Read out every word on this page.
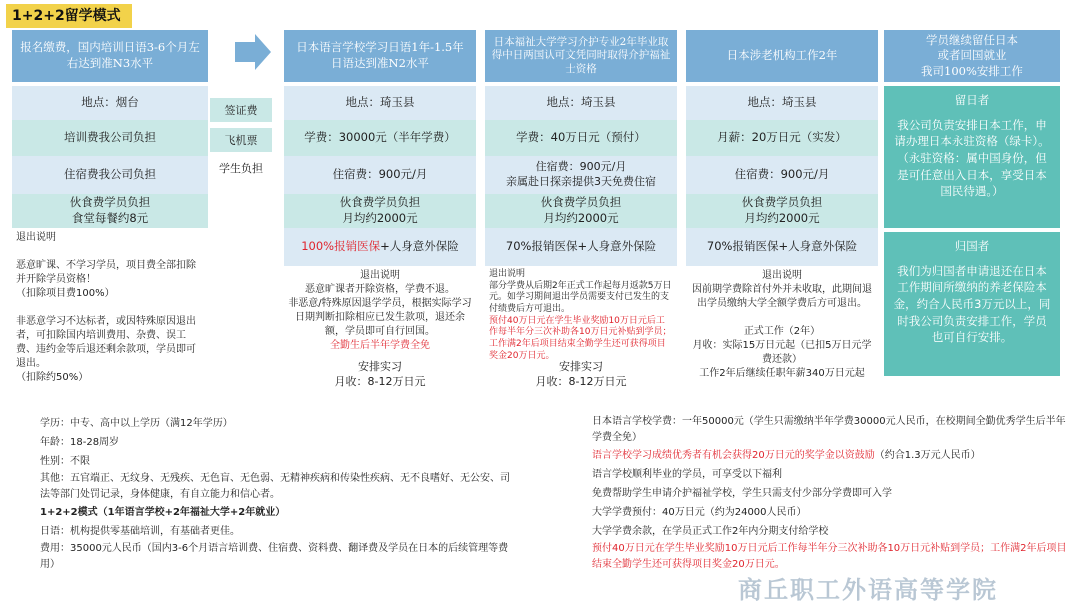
1+2+2留学模式
报名缴费，国内培训日语3-6个月左右达到准N3水平
地点：烟台
培训费我公司负担
住宿费我公司负担
伙食费学员负担
食堂每餐约8元
退出说明

恶意旷课、不学习学员，项目费全部扣除并开除学员资格！
（扣除项目费100%）

非恶意学习不达标者，或因特殊原因退出者，可扣除国内培训费用、杂费、误工费、违约金等后退还剩余款项，学员即可退出。
（扣除约50%）
签证费
飞机票
学生负担
日本语言学校学习日语1年-1.5年日语达到准N2水平
地点：琦玉县
学费：30000元（半年学费）
住宿费：900元/月
伙食费学员负担
月均约2000元
100%报销医保 +人身意外保险
退出说明
恶意旷课者开除资格，学费不退。
非恶意/特殊原因退学学员，根据实际学习日期判断扣除相应已发生款项，退还余额，学员即可自行回国。
全勤生后半年学费全免
安排实习
月收：8-12万日元
日本福祉大学学习介护专业2年毕业取得中日两国认可文凭同时取得介护福祉士资格
地点：埼玉县
学费：40万日元（预付）
住宿费：900元/月
亲属赴日探亲提供3天免费住宿
伙食费学员负担
月均约2000元
70%报销医保+人身意外保险
退出说明
部分学费从后期2年正式工作起每月返款5万日元。如学习期间退出学员需要支付已发生的支付绩费后方可退出。
预付40万日元在学生毕业奖励10万日元后工作每半年分三次补助各10万日元补贴到学员；工作满2年后项目结束全勤学生还可获得项目奖金20万日元。
安排实习
月收：8-12万日元
日本涉老机构工作2年
地点：埼玉县
月薪：20万日元（实发）
住宿费：900元/月
伙食费学员负担
月均约2000元
70%报销医保+人身意外保险
退出说明
因前期学费除首付外并未收取，此期间退出学员缴纳大学全额学费后方可退出。

正式工作（2年）
月收：实际15万日元起（已扣5万日元学费还款）
工作2年后继续任职年薪340万日元起
学员继续留任日本
或者回国就业
我司100%安排工作
留日者
我公司负责安排日本工作，申请办理日本永驻资格（绿卡）。（永驻资格：属中国身份，但是可任意出入日本，享受日本国民待遇。）
归国者
我们为归国者申请退还在日本工作期间所缴纳的养老保险本金，约合人民币3万元以上，同时我公司负责安排工作，学员也可自行安排。
学历：中专、高中以上学历（满12年学历）
年龄：18-28周岁
性别：不限
其他：五官端正、无纹身、无残疾、无色盲、无色弱、无精神疾病和传染性疾病、无不良嗜好、无公安、司法等部门处罚记录，身体健康，有自立能力和信心者。
1+2+2模式（1年语言学校+2年福祉大学+2年就业）
日语：机构提供零基础培训，有基础者更佳。
费用：35000元人民币（国内3-6个月语言培训费、住宿费、资料费、翻译费及学员在日本的后续管理等费用）
日本语言学校学费：一年50000元（学生只需缴纳半年学费30000元人民币，在校期间全勤优秀学生后半年学费全免）
语言学校学习成绩优秀者有机会获得20万日元的奖学金以资鼓励（约合1.3万元人民币）
语言学校顺利毕业的学员，可享受以下福利
免费帮助学生申请介护福祉学校，学生只需支付少部分学费即可入学
大学学费预付：40万日元（约为24000人民币）
大学学费余款，在学员正式工作2年内分期支付给学校
预付40万日元在学生毕业奖励10万日元后工作每半年分三次补助各10万日元补贴到学员；工作满2年后项目结束全勤学生还可获得项目奖金20万日元。
商丘职工外语高等学院
